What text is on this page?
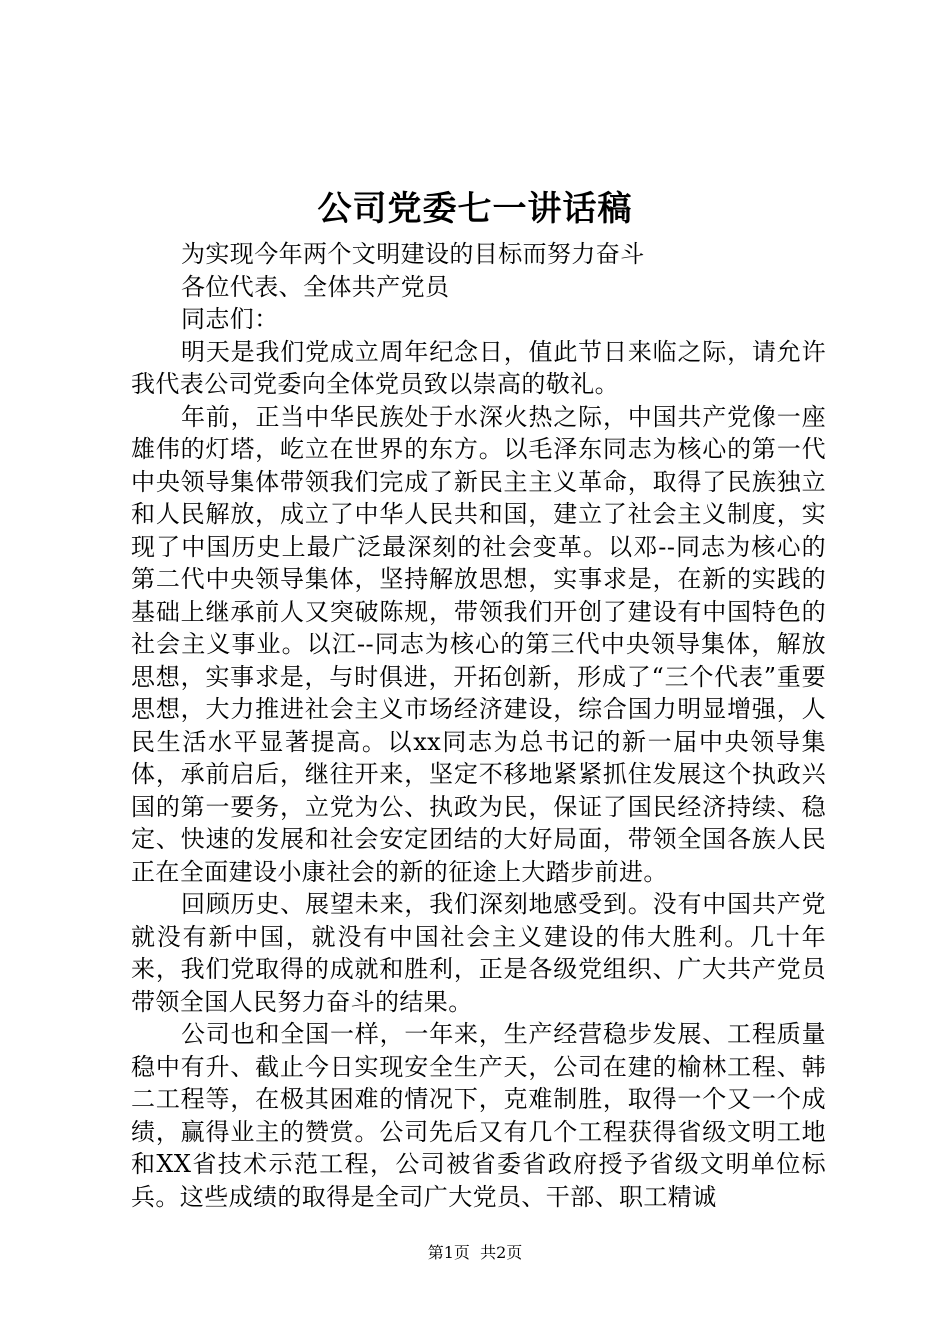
公司党委七一讲话稿

为实现今年两个文明建设的目标而努力奋斗

各位代表、全体共产党员

同志们：

明天是我们党成立周年纪念日，值此节日来临之际，请允许我代表公司党委向全体党员致以崇高的敬礼。

年前，正当中华民族处于水深火热之际，中国共产党像一座雄伟的灯塔，屹立在世界的东方。以毛泽东同志为核心的第一代中央领导集体带领我们完成了新民主主义革命，取得了民族独立和人民解放，成立了中华人民共和国，建立了社会主义制度，实现了中国历史上最广泛最深刻的社会变革。以邓--同志为核心的第二代中央领导集体，坚持解放思想，实事求是，在新的实践的基础上继承前人又突破陈规，带领我们开创了建设有中国特色的社会主义事业。以江--同志为核心的第三代中央领导集体，解放思想，实事求是，与时俱进，开拓创新，形成了“三个代表”重要思想，大力推进社会主义市场经济建设，综合国力明显增强，人民生活水平显著提高。以xx同志为总书记的新一届中央领导集体，承前启后，继往开来，坚定不移地紧紧抓住发展这个执政兴国的第一要务，立党为公、执政为民，保证了国民经济持续、稳定、快速的发展和社会安定团结的大好局面，带领全国各族人民正在全面建设小康社会的新的征途上大踏步前进。

回顾历史、展望未来，我们深刻地感受到。没有中国共产党就没有新中国，就没有中国社会主义建设的伟大胜利。几十年来，我们党取得的成就和胜利，正是各级党组织、广大共产党员带领全国人民努力奋斗的结果。

公司也和全国一样，一年来，生产经营稳步发展、工程质量稳中有升、截止今日实现安全生产天，公司在建的榆林工程、韩二工程等，在极其困难的情况下，克难制胜，取得一个又一个成绩，赢得业主的赞赏。公司先后又有几个工程获得省级文明工地和XX省技术示范工程，公司被省委省政府授予省级文明单位标兵。这些成绩的取得是全司广大党员、干部、职工精诚

第1页  共2页
